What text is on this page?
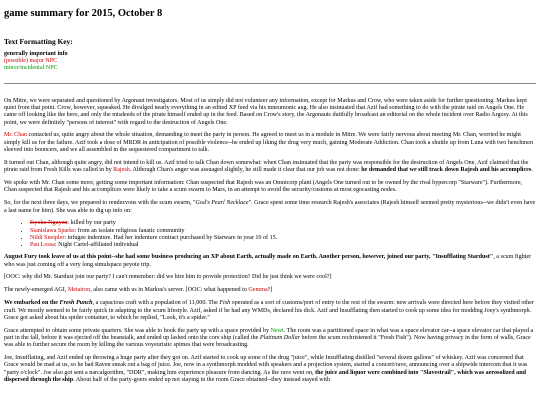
game summary for 2015, October 8
Text Formatting Key:
generally important info
(possible) major NPC
minor/incidental NPC

On Mitre, we were separated and questioned by Argonaut investigators. Most of us simply did not volunteer any information, except for Markus and Crow, who were taken aside for further questioning. Markus kept quiet from that point. Crow, however, squeaked. He divulged nearly everything in an edited XP feed via his mneumonic aug. He also insinuated that Azif had something to do with the pirate raid on Angels One. He came off looking like the hero, and only the misdeeds of the pirate himself ended up in the feed. Based on Crow's story, the Argonauts dutifully broadcast an editorial on the whole incident over Radio Argosy. At this point, we were definitely "persons of interest" with regard to the destruction of Angels One.

Mr. Chan contacted us, quite angry about the whole situation, demanding to meet the party in person. He agreed to meet us in a module in Mitre. We were fairly nervous about meeting Mr. Chan, worried he might simply kill us for the failure. Azif took a dose of MRDR in anticipation of possible violence--he ended up liking the drug very much, gaining Moderate Addiction. Chan took a shuttle up from Luna with two henchmen sleeved into bouncers, and we all assembled in the sequestered compartment to talk.

It turned out Chan, although quite angry, did not intend to kill us. Azif tried to talk Chan down somewhat: when Chan insinuated that the party was responsible for the destruction of Angels One, Azif claimed that the pirate raid from Fresh Kills was called in by Rajesh. Although Chan's anger was assuaged slightly, he still made it clear that our job was not done: he demanded that we still track down Rajesh and his accomplices.

We spoke with Mr. Chan some more, getting some important information: Chan suspected that Rajesh was an Omnicorp plant (Angels One turned out to be owned by the rival hypercorp "Starware"). Furthermore, Chan suspected that Rajesh and his accomplices were likely to take a scum swarm to Mars, in an attempt to avoid the security/customs at most egocasting nodes.

So, for the next three days, we prepared to rendezvous with the scum swarm, "God's Pearl Necklace". Grace spent some time research Rajesh's associates (Rajesh himself seemed pretty mysterious--we didn't even have a last name for him). She was able to dig up info on:

• Kyoko Nguyen: killed by our party
• Stanislawa Sparks: from an isolate religious fanatic community
• Nildi Sneipler: infugee indenture. Had her indenture contract purchased by Starware in year 10 of 15.
• Pau Lossa: Night Cartel-affiliated individual

August Fury took leave of us at this point--she had some business producing an XP about Earth, actually made on Earth. Another person, however, joined our party, "Insufflating Stardust", a scum fighter who was just coming off a very long simulspace peyote trip.

[OOC: why did Mr. Stardust join our party? I can't remember: did we hire him to provide protection? Did he just think we were cool?]

The newly-emerged AGI, Metatron, also came with us in Markus's server. [OOC: what happened to Gemma?]

We embarked on the Fresh Punch, a capacious craft with a population of 11,000. The Fish operated as a sort of customs/port of entry to the rest of the swarm: new arrivals were directed here before they visited other craft. We mostly seemed to be fairly quick in adapting to the scum lifestyle. Azif, asked if he had any WMDs, declared his dick. Azif and Insufflating then started to cook up some idea for modding Joey's synthmorph. Grace got asked about his spider container, to which he replied, "Look, it's a spider."

Grace attempted to obtain some private quarters. She was able to hook the party up with a space provided by Newt. The room was a partitioned space in what was a space elevator car--a space elevator car that played a part in the fall, before it was ejected off the beanstalk, and ended up lashed onto the core ship (called the Platinum Dollar before the scum rechristened it "Fresh Fish"). Now having privacy in the form of walls, Grace was able to further secure the room by killing the various voyeuristic spimes that were broadcasting.

Joe, Insufflating, and Azif ended up throwing a huge party after they got on. Azif started to cook up some of the drug "juice", while Insufflating distilled "several dozen gallons" of whiskey. Azif was concerned that Grace would be mad at us, so he had Raven sneak out a bag of juice. Joe, now in a synthmorph modded with speakers and a projection system, started a concert/rave, announcing over a shipwide intercom that it was "party o'clock". Joe also got sent a narcalgorithm, "DDR", making him experience pleasure from dancing. As the rave went on, the juice and liquor were combined into "Slavestrail", which was aerosolized and dispersed through the ship. About half of the party-goers ended up not staying in the room Grace obtained--they instead stayed with
